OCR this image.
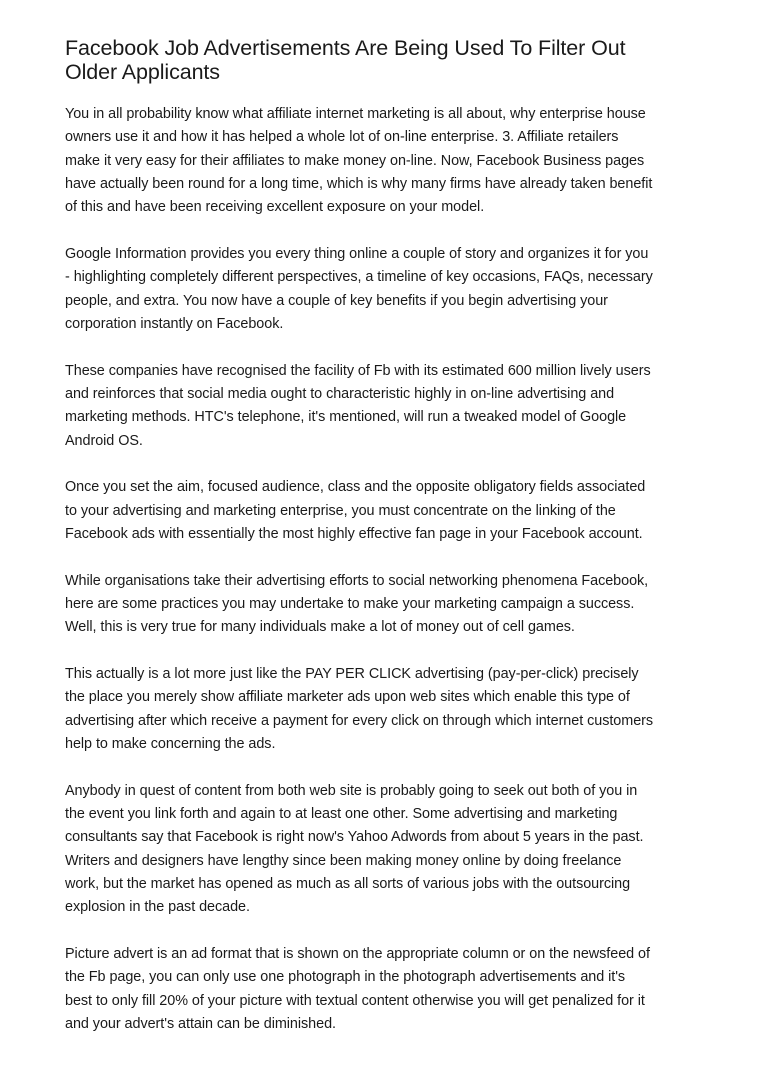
Facebook Job Advertisements Are Being Used To Filter Out
Older Applicants

You in all probability know what affiliate internet marketing is all about, why enterprise house
owners use it and how it has helped a whole lot of on-line enterprise. 3. Affiliate retailers
make it very easy for their affiliates to make money on-line. Now, Facebook Business pages
have actually been round for a long time, which is why many firms have already taken benefit
of this and have been receiving excellent exposure on your model.

Google Information provides you every thing online a couple of story and organizes it for you
- highlighting completely different perspectives, a timeline of key occasions, FAQs, necessary
people, and extra. You now have a couple of key benefits if you begin advertising your
corporation instantly on Facebook.

These companies have recognised the facility of Fb with its estimated 600 million lively users
and reinforces that social media ought to characteristic highly in on-line advertising and
marketing methods. HTC's telephone, it's mentioned, will run a tweaked model of Google
Android OS.

Once you set the aim, focused audience, class and the opposite obligatory fields associated
to your advertising and marketing enterprise, you must concentrate on the linking of the
Facebook ads with essentially the most highly effective fan page in your Facebook account.

While organisations take their advertising efforts to social networking phenomena Facebook,
here are some practices you may undertake to make your marketing campaign a success.
Well, this is very true for many individuals make a lot of money out of cell games.

This actually is a lot more just like the PAY PER CLICK advertising (pay-per-click) precisely
the place you merely show affiliate marketer ads upon web sites which enable this type of
advertising after which receive a payment for every click on through which internet customers
help to make concerning the ads.

Anybody in quest of content from both web site is probably going to seek out both of you in
the event you link forth and again to at least one other. Some advertising and marketing
consultants say that Facebook is right now's Yahoo Adwords from about 5 years in the past.
Writers and designers have lengthy since been making money online by doing freelance
work, but the market has opened as much as all sorts of various jobs with the outsourcing
explosion in the past decade.

Picture advert is an ad format that is shown on the appropriate column or on the newsfeed of
the Fb page, you can only use one photograph in the photograph advertisements and it's
best to only fill 20% of your picture with textual content otherwise you will get penalized for it
and your advert's attain can be diminished.
